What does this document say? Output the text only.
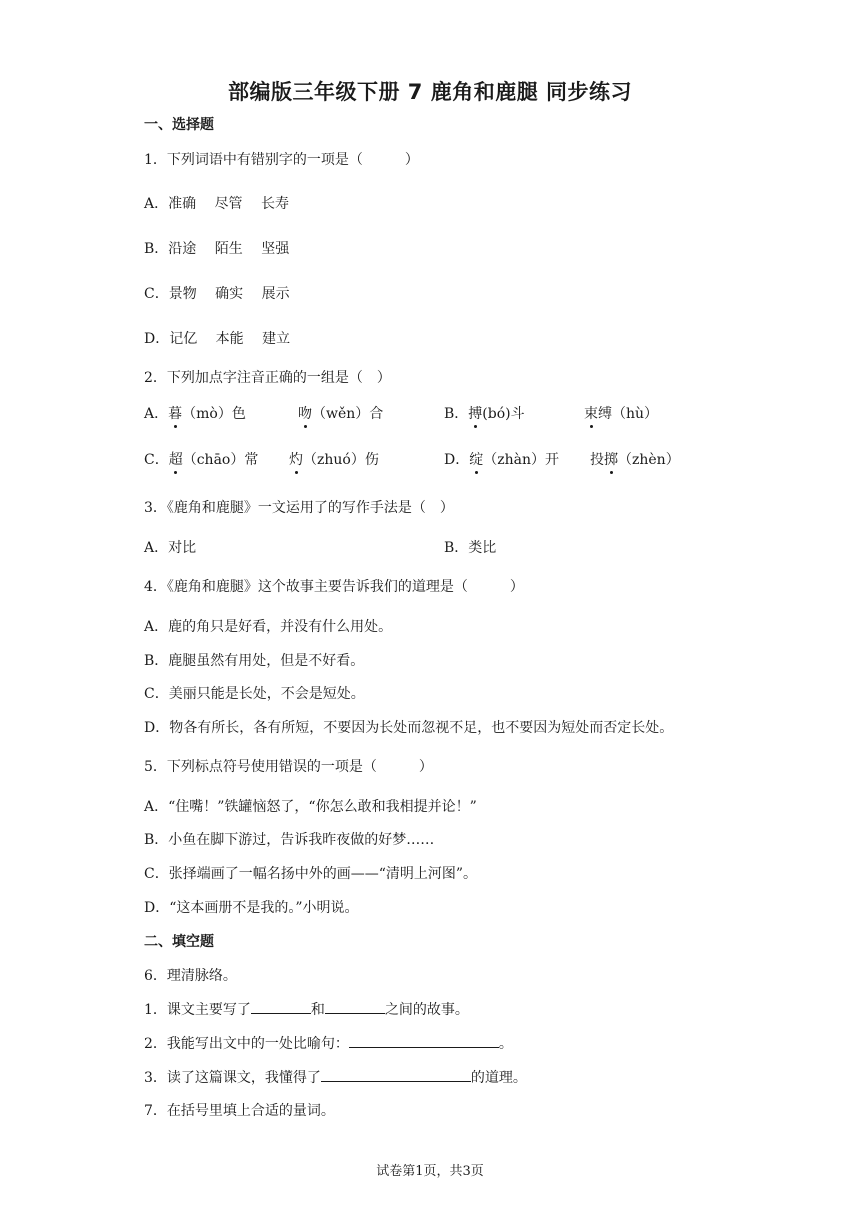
部编版三年级下册 7 鹿角和鹿腿 同步练习
一、选择题
1．下列词语中有错别字的一项是（　　　）
A．准确　 尽管　 长寿
B．沿途　 陌生　 坚强
C．景物　 确实　 展示
D．记亿　 本能　 建立
2．下列加点字注音正确的一组是（　）
A．暮（mò）色	吻（wěn）合	B．搏(bó)斗	束缚（hù）
C．超（chāo）常 灼（zhuó）伤	D．绽（zhàn）开 投掷（zhèn）
3．《鹿角和鹿腿》一文运用了的写作手法是（　）
A．对比	B．类比
4．《鹿角和鹿腿》这个故事主要告诉我们的道理是（　　　）
A．鹿的角只是好看，并没有什么用处。
B．鹿腿虽然有用处，但是不好看。
C．美丽只能是长处，不会是短处。
D．物各有所长，各有所短，不要因为长处而忽视不足，也不要因为短处而否定长处。
5．下列标点符号使用错误的一项是（　　　）
A．“住嘴！”铁罐恼怒了，“你怎么敢和我相提并论！”
B．小鱼在脚下游过，告诉我昨夜做的好梦……
C．张择端画了一幅名扬中外的画——“清明上河图”。
D．“这本画册不是我的。”小明说。
二、填空题
6．理清脉络。
1．课文主要写了	和	之间的故事。
2．我能写出文中的一处比喻句：	。
3．读了这篇课文，我懂得了	的道理。
7．在括号里填上合适的量词。
试卷第1页，共3页
